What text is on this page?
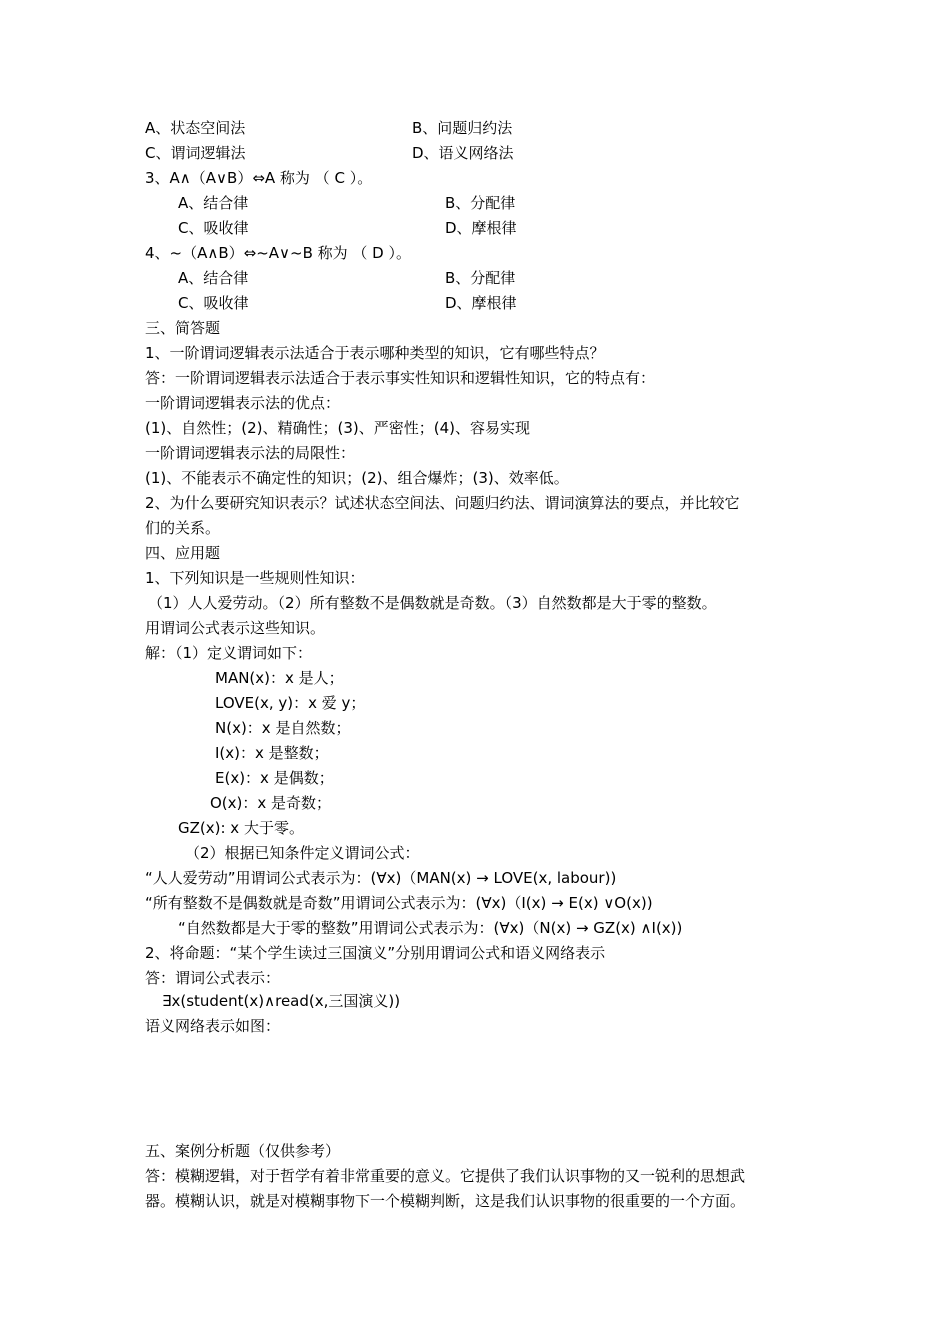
A、状态空间法	B、问题归约法
C、谓词逻辑法	D、语义网络法
3、A∧（A∨B）⇔A 称为 （ C ）。
A、结合律	B、分配律
C、吸收律	D、摩根律
4、~（A∧B）⇔~A∨~B 称为 （ D ）。
A、结合律	B、分配律
C、吸收律	D、摩根律
三、简答题
1、一阶谓词逻辑表示法适合于表示哪种类型的知识，它有哪些特点？
答：一阶谓词逻辑表示法适合于表示事实性知识和逻辑性知识，它的特点有：
一阶谓词逻辑表示法的优点：
(1)、自然性；(2)、精确性；(3)、严密性；(4)、容易实现
一阶谓词逻辑表示法的局限性：
(1)、不能表示不确定性的知识；(2)、组合爆炸；(3)、效率低。
2、为什么要研究知识表示？试述状态空间法、问题归约法、谓词演算法的要点，并比较它
们的关系。
四、应用题
1、下列知识是一些规则性知识：
（1）人人爱劳动。（2）所有整数不是偶数就是奇数。（3）自然数都是大于零的整数。
用谓词公式表示这些知识。
解：（1）定义谓词如下：
MAN(x)：x 是人；
LOVE(x, y)：x 爱 y；
N(x)：x 是自然数；
I(x)：x 是整数；
E(x)：x 是偶数；
O(x)：x 是奇数；
GZ(x): x 大于零。
（2）根据已知条件定义谓词公式：
“人人爱劳动”用谓词公式表示为：(∀x)（MAN(x) → LOVE(x, labour))
“所有整数不是偶数就是奇数”用谓词公式表示为：(∀x)（I(x) → E(x) ∨O(x))
“自然数都是大于零的整数”用谓词公式表示为：(∀x)（N(x) → GZ(x) ∧I(x))
2、将命题：“某个学生读过三国演义”分别用谓词公式和语义网络表示
答：谓词公式表示：
∃x(student(x)∧read(x,三国演义))
语义网络表示如图：
五、案例分析题（仅供参考）
答：模糊逻辑，对于哲学有着非常重要的意义。它提供了我们认识事物的又一锐利的思想武
器。模糊认识，就是对模糊事物下一个模糊判断，这是我们认识事物的很重要的一个方面。
